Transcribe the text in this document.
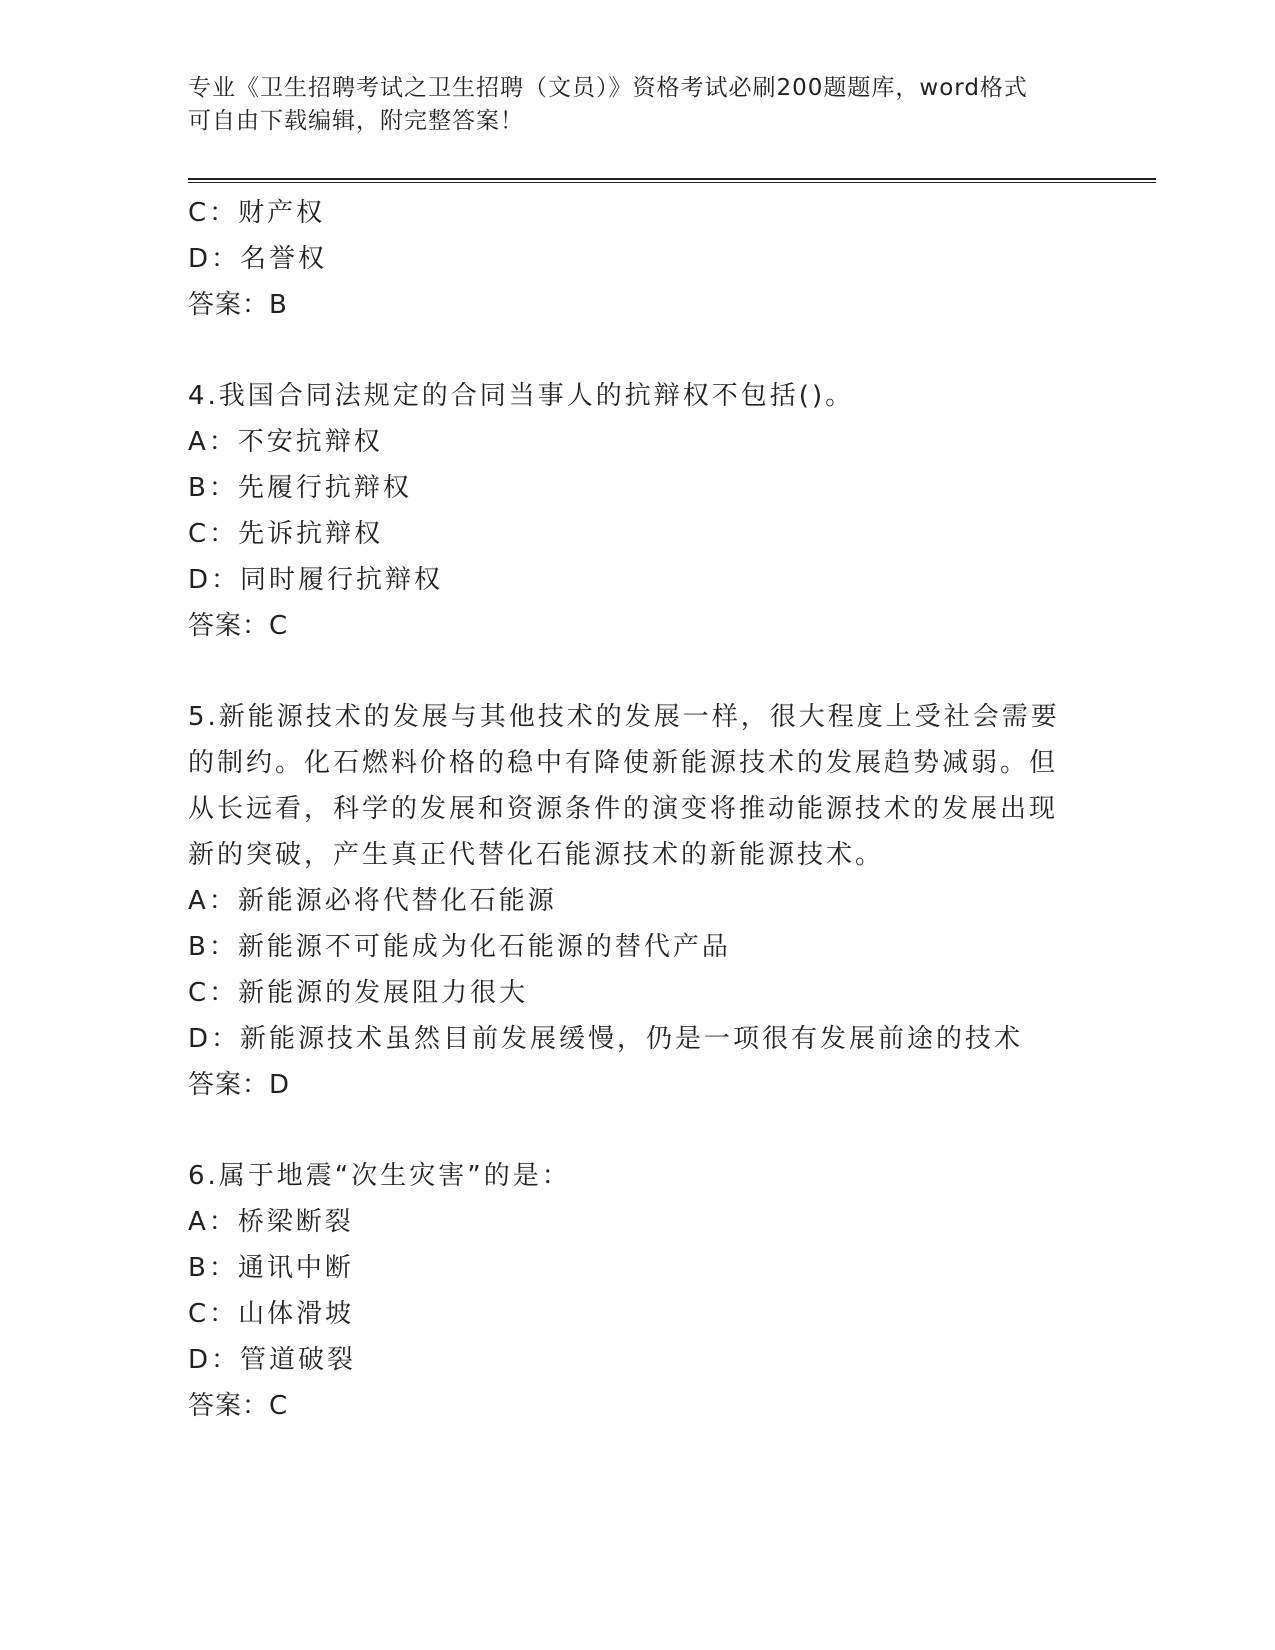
专业《卫生招聘考试之卫生招聘（文员）》资格考试必刷200题题库，word格式
可自由下载编辑，附完整答案！
C：财产权
D：名誉权
答案：B
4.我国合同法规定的合同当事人的抗辩权不包括()。
A：不安抗辩权
B：先履行抗辩权
C：先诉抗辩权
D：同时履行抗辩权
答案：C
5.新能源技术的发展与其他技术的发展一样，很大程度上受社会需要
的制约。化石燃料价格的稳中有降使新能源技术的发展趋势减弱。但
从长远看，科学的发展和资源条件的演变将推动能源技术的发展出现
新的突破，产生真正代替化石能源技术的新能源技术。
A：新能源必将代替化石能源
B：新能源不可能成为化石能源的替代产品
C：新能源的发展阻力很大
D：新能源技术虽然目前发展缓慢，仍是一项很有发展前途的技术
答案：D
6.属于地震“次生灾害”的是：
A：桥梁断裂
B：通讯中断
C：山体滑坡
D：管道破裂
答案：C
